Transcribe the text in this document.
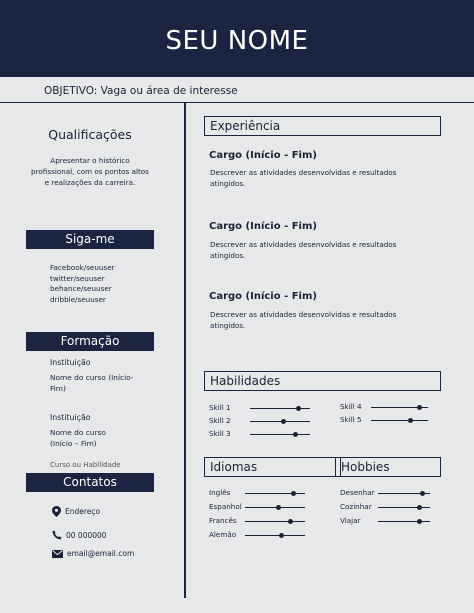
SEU NOME
OBJETIVO: Vaga ou área de interesse
Qualificações
Apresentar o histórico profissional, com os pontos altos e realizações da carreira.
Siga-me
Facebook/seuuser
twitter/seuuser
behance/seuuser
dribble/seuuser
Formação
Instituição
Nome do curso (Início-Fim)
Instituição
Nome do curso (Início – Fim)
$^{Curso ou Habilidade}$
Contatos
Endereço
00 000000
email@email.com
Experiência
Cargo (Início - Fim)
Descrever as atividades desenvolvidas e resultados atingidos.
Cargo (Início - Fim)
Descrever as atividades desenvolvidas e resultados atingidos.
Cargo (Início - Fim)
Descrever as atividades desenvolvidas e resultados atingidos.
Habilidades
Skill 1
Skill 2
Skill 3
Skill 4
Skill 5
Idiomas	Hobbies
Inglês
Espanhol
Francês
Alemão
Desenhar
Cozinhar
Viajar
